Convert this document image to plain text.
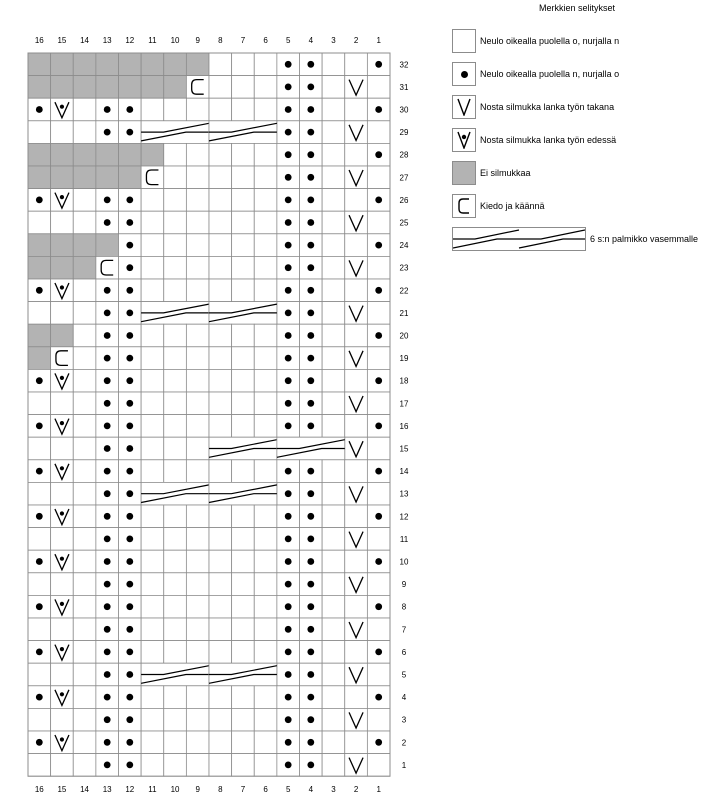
16
16
15
15
14
14
13
13
12
12
11
11
10
10
9
9
8
8
7
7
6
6
5
5
4
4
3
3
2
2
1
1
32
31
30
29
28
27
26
25
24
23
22
21
20
19
18
17
16
15
14
13
12
11
10
9
8
7
6
5
4
3
2
1
Merkkien selitykset
Neulo oikealla puolella o, nurjalla n
Neulo oikealla puolella n, nurjalla o
Nosta silmukka lanka työn takana
Nosta silmukka lanka työn edessä
Ei silmukkaa
Kiedo ja käännä
6 s:n palmikko vasemmalle
